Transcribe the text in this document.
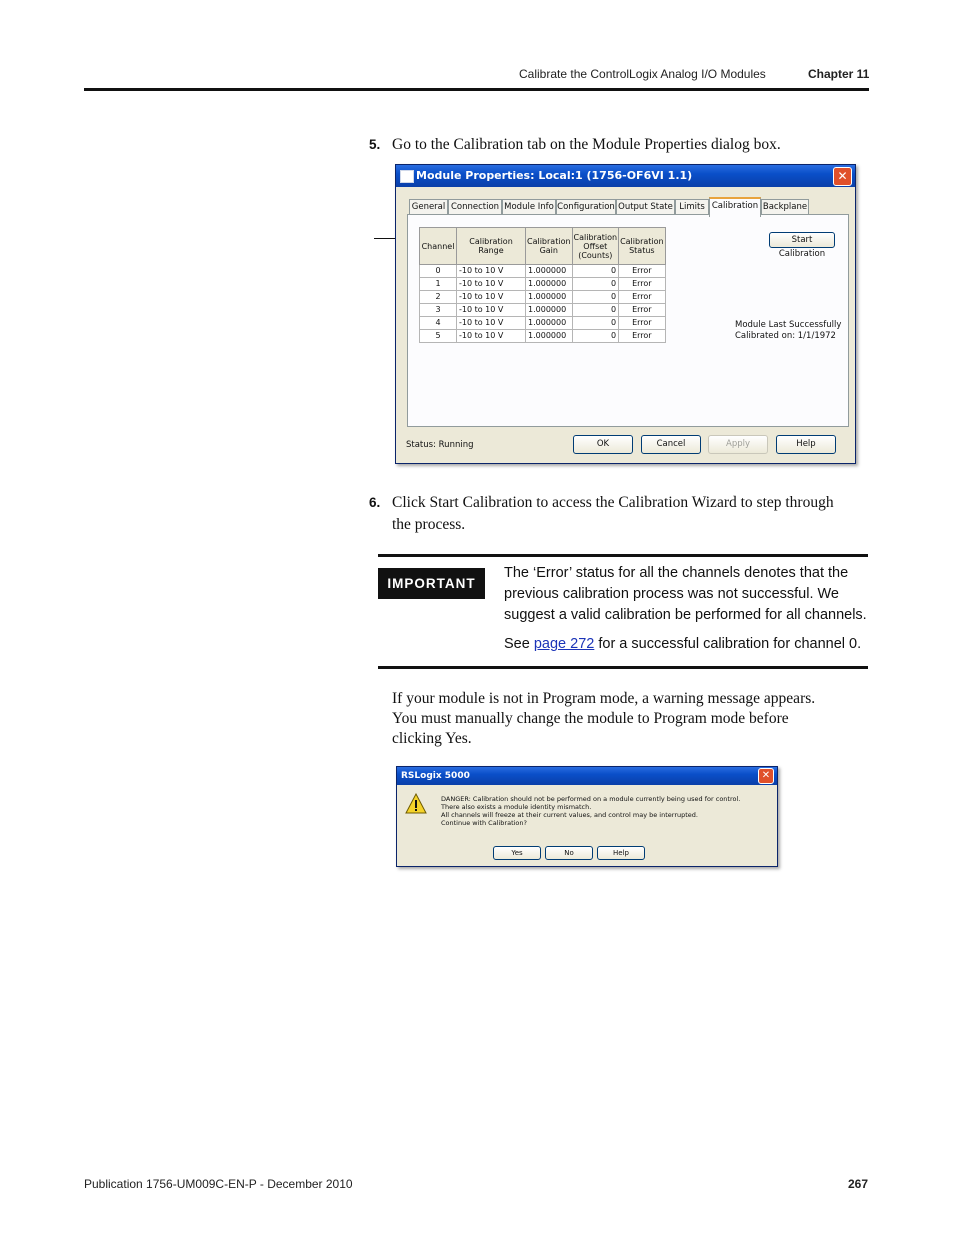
Calibrate the ControlLogix Analog I/O Modules	Chapter 11
5. Go to the Calibration tab on the Module Properties dialog box.
Module Properties: Local:1 (1756-OF6VI 1.1)	✕
General Connection Module Info Configuration Output State Limits Calibration Backplane
Channel	Calibration Range	Calibration Gain	Calibration Offset (Counts)	Calibration Status
0	-10 to 10 V	1.000000	0	Error
1	-10 to 10 V	1.000000	0	Error
2	-10 to 10 V	1.000000	0	Error
3	-10 to 10 V	1.000000	0	Error
4	-10 to 10 V	1.000000	0	Error
5	-10 to 10 V	1.000000	0	Error
Start Calibration
Module Last Successfully
Calibrated on: 1/1/1972
Status: Running	OK	Cancel	Apply	Help
6. Click Start Calibration to access the Calibration Wizard to step through
the process.
IMPORTANT
The ‘Error’ status for all the channels denotes that the
previous calibration process was not successful. We
suggest a valid calibration be performed for all channels.
See page 272 for a successful calibration for channel 0.
If your module is not in Program mode, a warning message appears.
You must manually change the module to Program mode before
clicking Yes.
RSLogix 5000	✕
DANGER: Calibration should not be performed on a module currently being used for control.
There also exists a module identity mismatch.
All channels will freeze at their current values, and control may be interrupted.
Continue with Calibration?
Yes	No	Help
Publication 1756-UM009C-EN-P - December 2010	267
